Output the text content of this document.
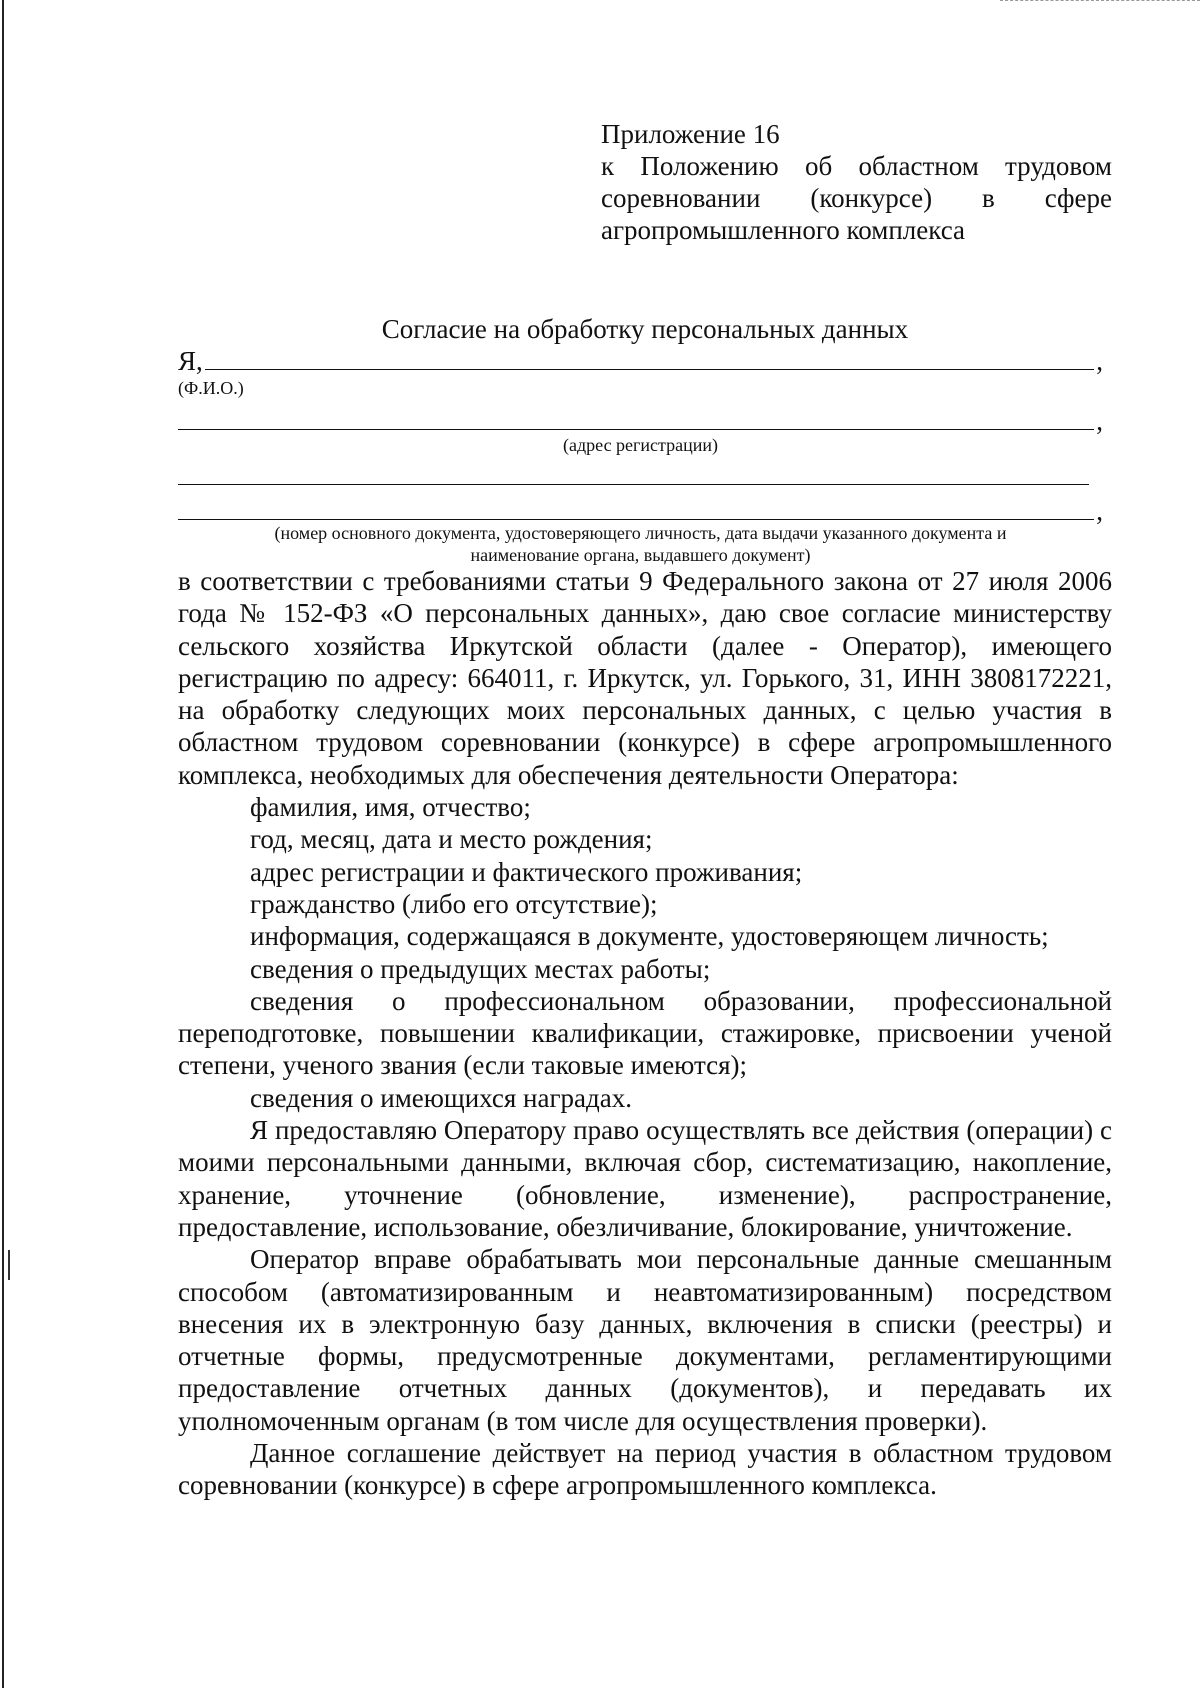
Приложение 16
к Положению об областном трудовом соревновании (конкурсе) в сфере агропромышленного комплекса
Согласие на обработку персональных данных
Я,	,
(Ф.И.О.)
,
(адрес регистрации)
,
(номер основного документа, удостоверяющего личность, дата выдачи указанного документа и
наименование органа, выдавшего документ)

в соответствии с требованиями статьи 9 Федерального закона от 27 июля 2006 года № 152-ФЗ «О персональных данных», даю свое согласие министерству сельского хозяйства Иркутской области (далее - Оператор), имеющего регистрацию по адресу: 664011, г. Иркутск, ул. Горького, 31, ИНН 3808172221, на обработку следующих моих персональных данных, с целью участия в областном трудовом соревновании (конкурсе) в сфере агропромышленного комплекса, необходимых для обеспечения деятельности Оператора:

фамилия, имя, отчество;

год, месяц, дата и место рождения;

адрес регистрации и фактического проживания;

гражданство (либо его отсутствие);

информация, содержащаяся в документе, удостоверяющем личность;

сведения о предыдущих местах работы;

сведения о профессиональном образовании, профессиональной переподготовке, повышении квалификации, стажировке, присвоении ученой степени, ученого звания (если таковые имеются);

сведения о имеющихся наградах.

Я предоставляю Оператору право осуществлять все действия (операции) с моими персональными данными, включая сбор, систематизацию, накопление, хранение, уточнение (обновление, изменение), распространение, предоставление, использование, обезличивание, блокирование, уничтожение.

Оператор вправе обрабатывать мои персональные данные смешанным способом (автоматизированным и неавтоматизированным) посредством внесения их в электронную базу данных, включения в списки (реестры) и отчетные формы, предусмотренные документами, регламентирующими предоставление отчетных данных (документов), и передавать их уполномоченным органам (в том числе для осуществления проверки).

Данное соглашение действует на период участия в областном трудовом соревновании (конкурсе) в сфере агропромышленного комплекса.
